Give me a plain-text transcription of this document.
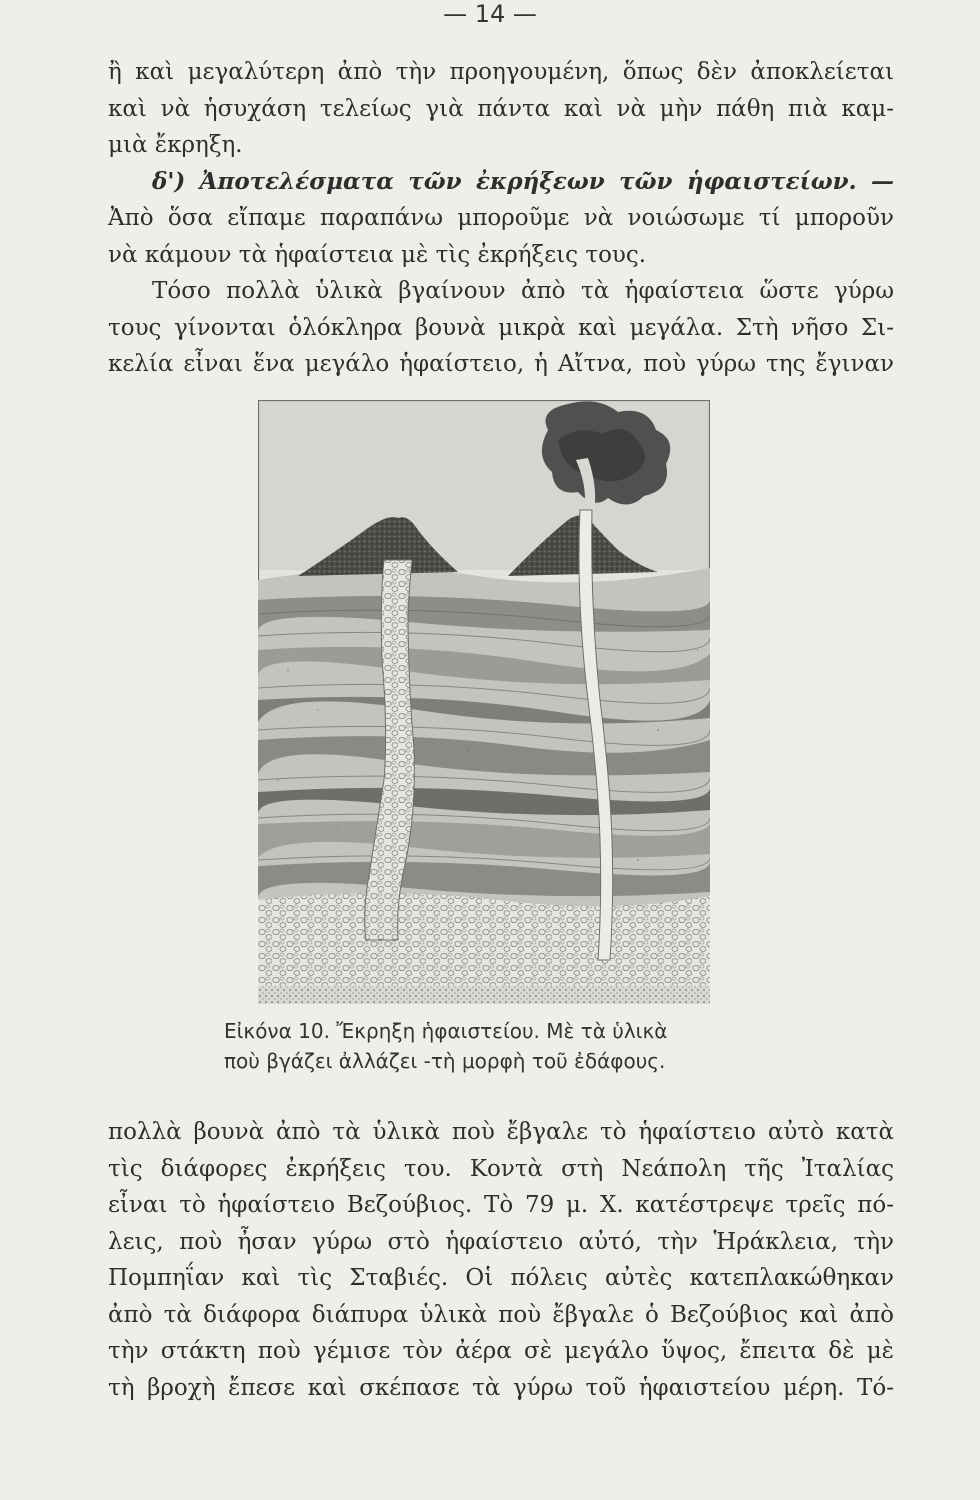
— 14 —
ἢ καὶ μεγαλύτερη ἀπὸ τὴν προηγουμένη, ὅπως δὲν ἀποκλείεται
καὶ νὰ ἡσυχάση τελείως γιὰ πάντα καὶ νὰ μὴν πάθη πιὰ καμ-
μιὰ ἔκρηξη.
δ') Ἀποτελέσματα τῶν ἐκρήξεων τῶν ἡφαιστείων. —
Ἀπὸ ὅσα εἴπαμε παραπάνω μποροῦμε νὰ νοιώσωμε τί μποροῦν
νὰ κάμουν τὰ ἡφαίστεια μὲ τὶς ἐκρήξεις τους.
Τόσο πολλὰ ὑλικὰ βγαίνουν ἀπὸ τὰ ἡφαίστεια ὥστε γύρω
τους γίνονται ὁλόκληρα βουνὰ μικρὰ καὶ μεγάλα. Στὴ νῆσο Σι-
κελία εἶναι ἕνα μεγάλο ἡφαίστειο, ἡ Αἴτνα, ποὺ γύρω της ἔγιναν
Εἰκόνα 10. Ἔκρηξη ἡφαιστείου. Μὲ τὰ ὑλικὰ
ποὺ βγάζει ἀλλάζει -τὴ μορφὴ τοῦ ἐδάφους.
πολλὰ βουνὰ ἀπὸ τὰ ὑλικὰ ποὺ ἔβγαλε τὸ ἡφαίστειο αὐτὸ κατὰ
τὶς διάφορες ἐκρήξεις του. Κοντὰ στὴ Νεάπολη τῆς Ἰταλίας
εἶναι τὸ ἡφαίστειο Βεζούβιος. Τὸ 79 μ. Χ. κατέστρεψε τρεῖς πό-
λεις, ποὺ ἦσαν γύρω στὸ ἡφαίστειο αὐτό, τὴν Ἡράκλεια, τὴν
Πομπηΐαν καὶ τὶς Σταβιές. Οἱ πόλεις αὐτὲς κατεπλακώθηκαν
ἀπὸ τὰ διάφορα διάπυρα ὑλικὰ ποὺ ἔβγαλε ὁ Βεζούβιος καὶ ἀπὸ
τὴν στάκτη ποὺ γέμισε τὸν ἀέρα σὲ μεγάλο ὕψος, ἔπειτα δὲ μὲ
τὴ βροχὴ ἔπεσε καὶ σκέπασε τὰ γύρω τοῦ ἡφαιστείου μέρη. Τό-
